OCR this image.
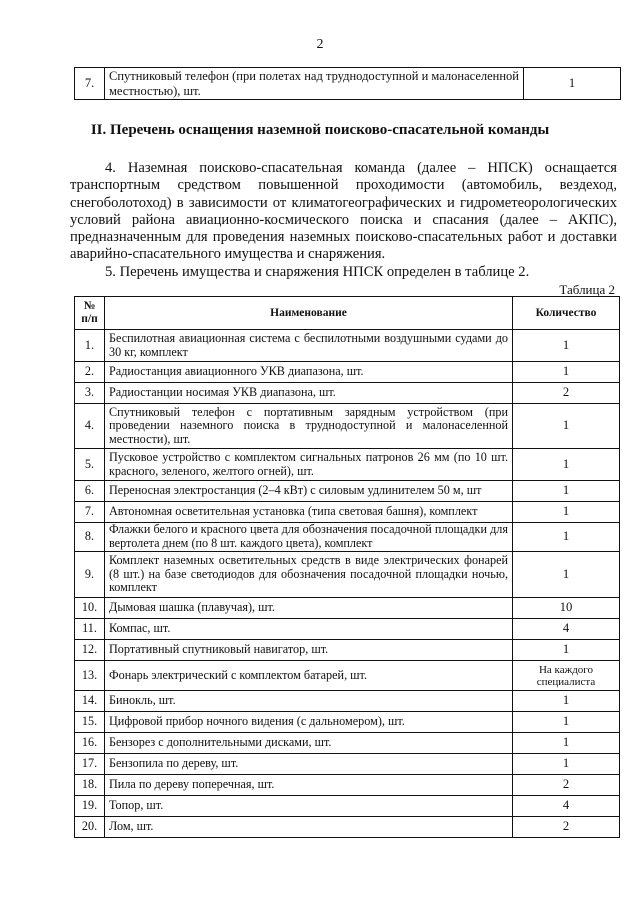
2
7.	Спутниковый телефон (при полетах над труднодоступной и малонаселенной местностью), шт.	1
II. Перечень оснащения наземной поисково-спасательной команды

4. Наземная поисково-спасательная команда (далее – НПСК) оснащается транспортным средством повышенной проходимости (автомобиль, вездеход, снегоболотоход) в зависимости от климатогеографических и гидрометеорологических условий района авиационно-космического поиска и спасания (далее – АКПС), предназначенным для проведения наземных поисково-спасательных работ и доставки аварийно-спасательного имущества и снаряжения.

5. Перечень имущества и снаряжения НПСК определен в таблице 2.

Таблица 2
№ п/п	Наименование	Количество
1.	Беспилотная авиационная система с беспилотными воздушными судами до 30 кг, комплект	1
2.	Радиостанция авиационного УКВ диапазона, шт.	1
3.	Радиостанции носимая УКВ диапазона, шт.	2
4.	Спутниковый телефон с портативным зарядным устройством (при проведении наземного поиска в труднодоступной и малонаселенной местности), шт.	1
5.	Пусковое устройство с комплектом сигнальных патронов 26 мм (по 10 шт. красного, зеленого, желтого огней), шт.	1
6.	Переносная электростанция (2–4 кВт) с силовым удлинителем 50 м, шт	1
7.	Автономная осветительная установка (типа световая башня), комплект	1
8.	Флажки белого и красного цвета для обозначения посадочной площадки для вертолета днем (по 8 шт. каждого цвета), комплект	1
9.	Комплект наземных осветительных средств в виде электрических фонарей (8 шт.) на базе светодиодов для обозначения посадочной площадки ночью, комплект	1
10.	Дымовая шашка (плавучая), шт.	10
11.	Компас, шт.	4
12.	Портативный спутниковый навигатор, шт.	1
13.	Фонарь электрический с комплектом батарей, шт.	На каждого специалиста
14.	Бинокль, шт.	1
15.	Цифровой прибор ночного видения (с дальномером), шт.	1
16.	Бензорез с дополнительными дисками, шт.	1
17.	Бензопила по дереву, шт.	1
18.	Пила по дереву поперечная, шт.	2
19.	Топор, шт.	4
20.	Лом, шт.	2
